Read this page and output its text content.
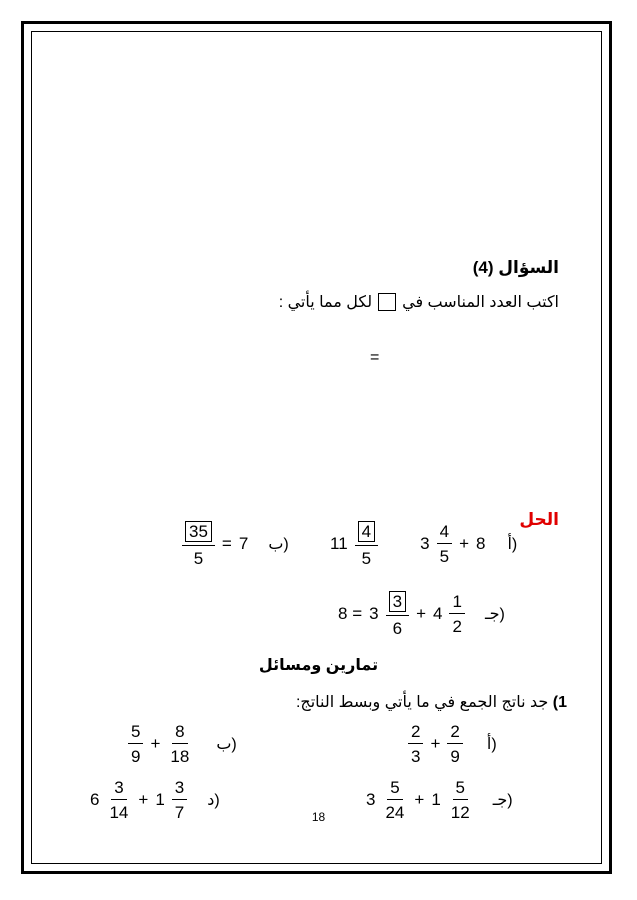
السؤال (4)
اكتب العدد المناسب في
لكل مما يأتي :
=
الحل
$11 \frac{4}{5} 3 \frac{4}{5} + 8$ أ)
$\frac{35}{5} = 7$ ب)
= 8 $3 \frac{3}{6} + 4 \frac{1}{2}$ جـ)
تمارين ومسائل
1) جد ناتج الجمع في ما يأتي وبسط الناتج:
$\frac{2}{3} + \frac{2}{9}$ أ)
$\frac{5}{9} + \frac{8}{18}$ ب)
$3 \frac{5}{24} + 1 \frac{5}{12}$ جـ)
$6 \frac{3}{14} + 1 \frac{3}{7}$ د)
18
